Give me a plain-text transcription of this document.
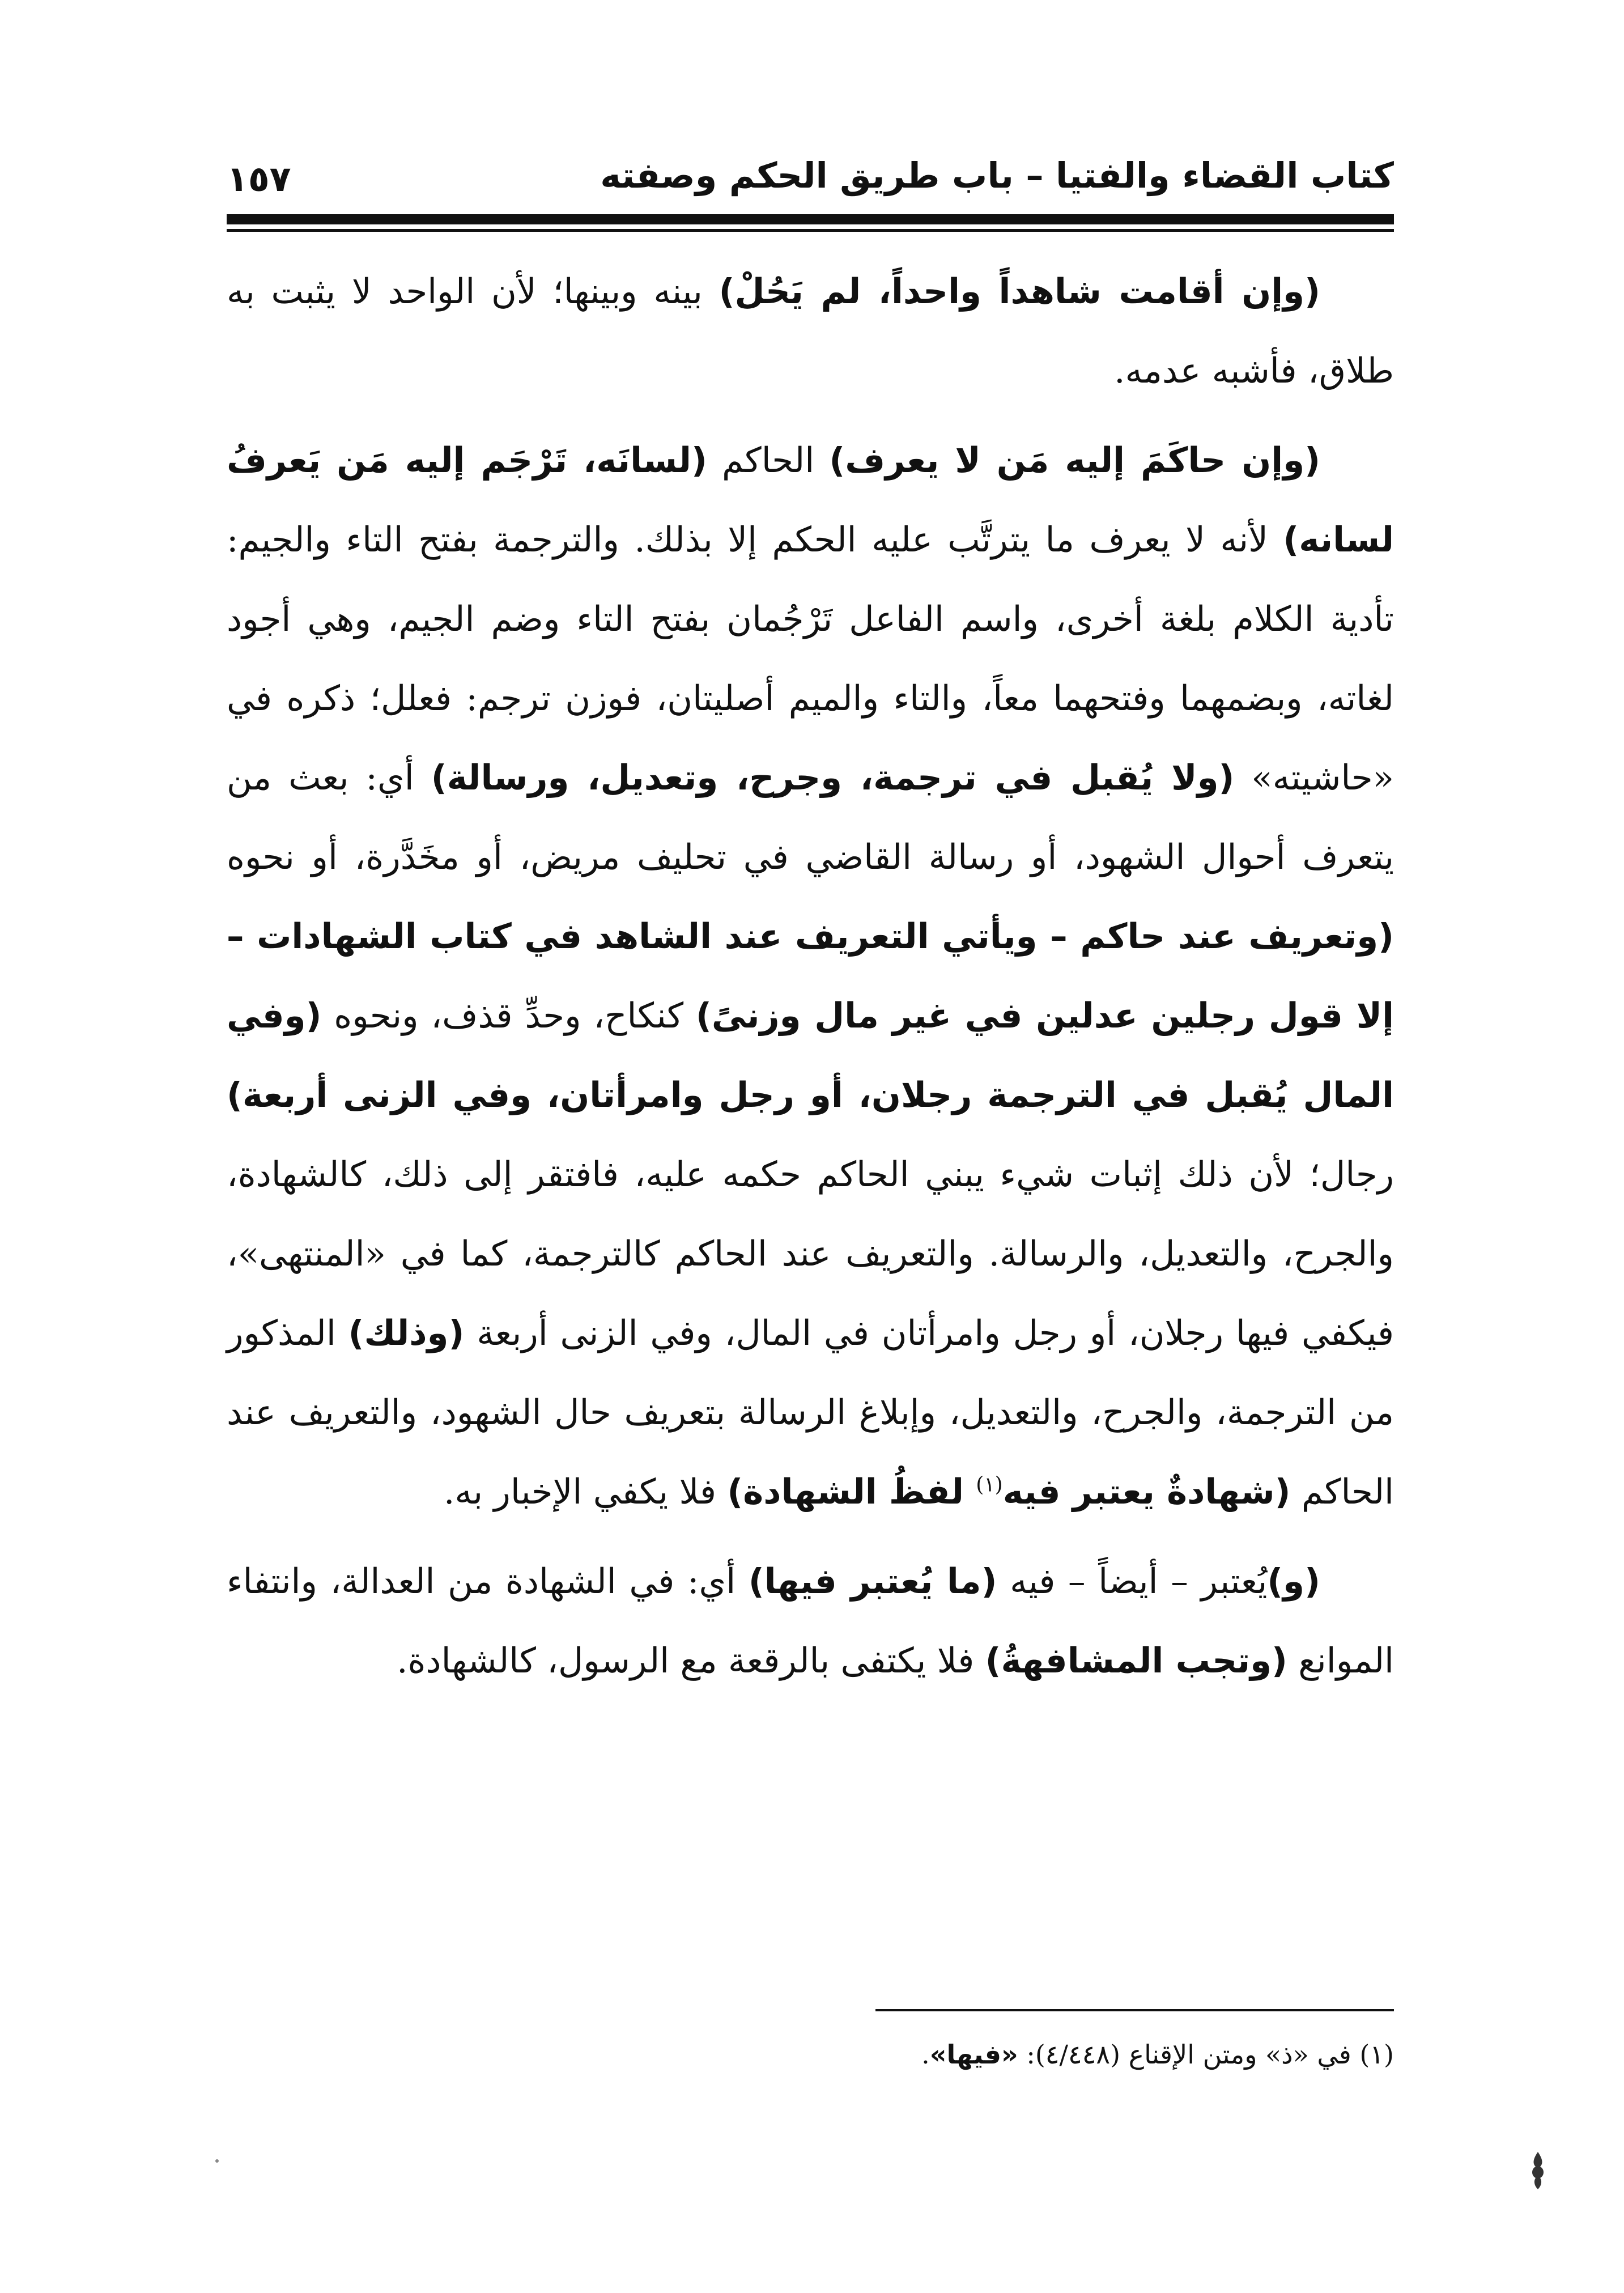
كتاب القضاء والفتيا – باب طريق الحكم وصفته
١٥٧

(وإن أقامت شاهداً واحداً، لم يَحُلْ) بينه وبينها؛ لأن الواحد لا يثبت به طلاق، فأشبه عدمه.

(وإن حاكَمَ إليه مَن لا يعرف) الحاكم (لسانَه، تَرْجَم إليه مَن يَعرفُ لسانه) لأنه لا يعرف ما يترتَّب عليه الحكم إلا بذلك. والترجمة بفتح التاء والجيم: تأدية الكلام بلغة أخرى، واسم الفاعل تَرْجُمان بفتح التاء وضم الجيم، وهي أجود لغاته، وبضمهما وفتحهما معاً، والتاء والميم أصليتان، فوزن ترجم: فعلل؛ ذكره في «حاشيته» (ولا يُقبل في ترجمة، وجرح، وتعديل، ورسالة) أي: بعث من يتعرف أحوال الشهود، أو رسالة القاضي في تحليف مريض، أو مخَدَّرة، أو نحوه (وتعريف عند حاكم – ويأتي التعريف عند الشاهد في كتاب الشهادات – إلا قول رجلين عدلين في غير مال وزنىً) كنكاح، وحدِّ قذف، ونحوه (وفي المال يُقبل في الترجمة رجلان، أو رجل وامرأتان، وفي الزنى أربعة) رجال؛ لأن ذلك إثبات شيء يبني الحاكم حكمه عليه، فافتقر إلى ذلك، كالشهادة، والجرح، والتعديل، والرسالة. والتعريف عند الحاكم كالترجمة، كما في «المنتهى»، فيكفي فيها رجلان، أو رجل وامرأتان في المال، وفي الزنى أربعة (وذلك) المذكور من الترجمة، والجرح، والتعديل، وإبلاغ الرسالة بتعريف حال الشهود، والتعريف عند الحاكم (شهادةٌ يعتبر فيه$^{(١)}$ لفظُ الشهادة) فلا يكفي الإخبار به.

(و)يُعتبر – أيضاً – فيه (ما يُعتبر فيها) أي: في الشهادة من العدالة، وانتفاء الموانع (وتجب المشافهةُ) فلا يكتفى بالرقعة مع الرسول، كالشهادة.

(١) في «ذ» ومتن الإقناع (٤/٤٤٨): «فيها».
